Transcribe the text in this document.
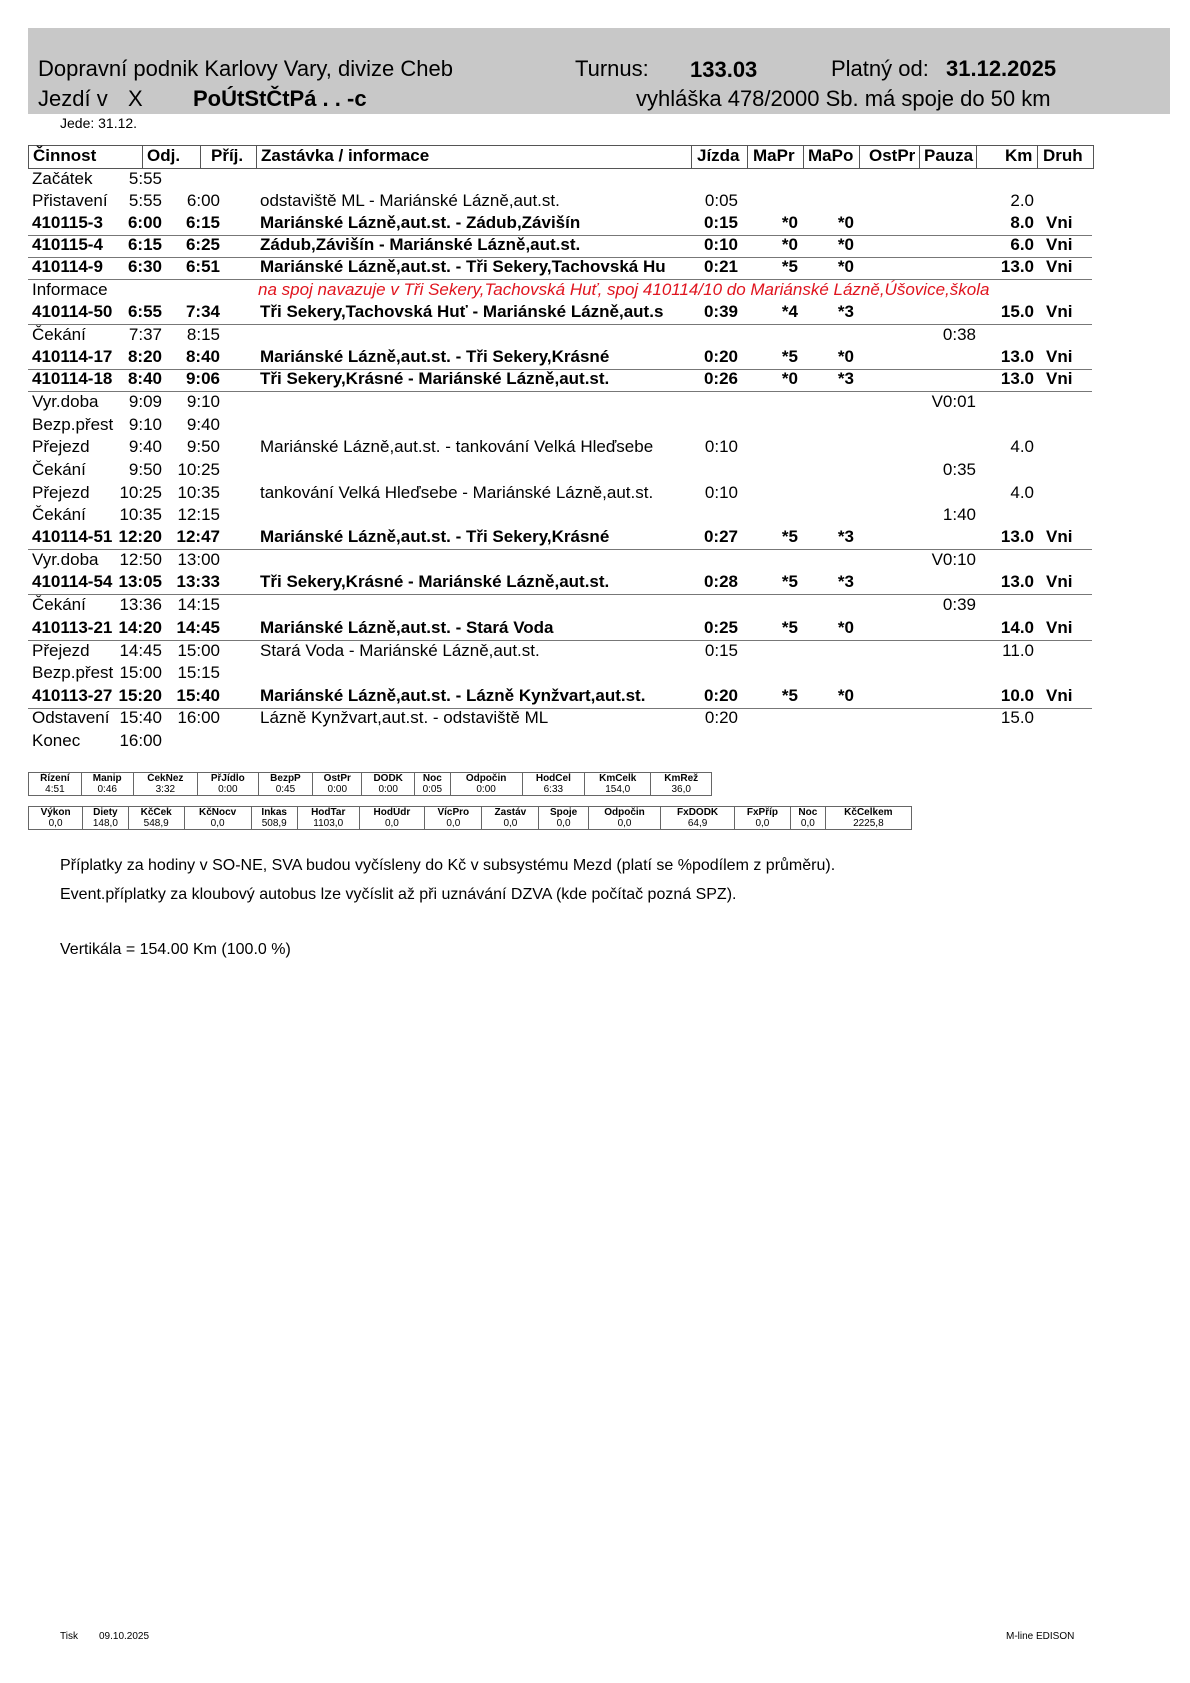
Dopravní podnik Karlovy Vary, divize Cheb	Turnus: 133.03	Platný od: 31.12.2025
Jezdí v X PoÚtStČtPá . . -c	vyhláška 478/2000 Sb. má spoje do 50 km
Jede: 31.12.
Činnost	Odj. Příj. Zastávka / informace	Jízda MaPr MaPo OstPr Pauza Km Druh
Začátek 5:55
Přistavení 5:55 6:00 odstaviště ML - Mariánské Lázně,aut.st.	0:05	2.0
410115-3 6:00 6:15 Mariánské Lázně,aut.st. - Zádub,Závišín	0:15	*0 *0	8.0 Vni
410115-4 6:15 6:25 Zádub,Závišín - Mariánské Lázně,aut.st.	0:10	*0 *0	6.0 Vni
410114-9 6:30 6:51 Mariánské Lázně,aut.st. - Tři Sekery,Tachovská Hu 0:21	*5 *0	13.0 Vni
Informace	na spoj navazuje v Tři Sekery,Tachovská Huť, spoj 410114/10 do Mariánské Lázně,Úšovice,škola
410114-50 6:55 7:34 Tři Sekery,Tachovská Huť - Mariánské Lázně,aut.s 0:39	*4 *3	15.0 Vni
Čekání	7:37 8:15	0:38
410114-17 8:20 8:40 Mariánské Lázně,aut.st. - Tři Sekery,Krásné	0:20	*5 *0	13.0 Vni
410114-18 8:40 9:06 Tři Sekery,Krásné - Mariánské Lázně,aut.st.	0:26	*0 *3	13.0 Vni
Vyr.doba 9:09 9:10	V0:01
Bezp.přest 9:10 9:40
Přejezd 9:40 9:50 Mariánské Lázně,aut.st. - tankování Velká Hleďsebe	0:10	4.0
Čekání	9:50 10:25	0:35
Přejezd 10:25 10:35 tankování Velká Hleďsebe - Mariánské Lázně,aut.st.	0:10	4.0
Čekání 10:35 12:15	1:40
410114-51 12:20 12:47 Mariánské Lázně,aut.st. - Tři Sekery,Krásné	0:27	*5 *3	13.0 Vni
Vyr.doba 12:50 13:00	V0:10
410114-54 13:05 13:33 Tři Sekery,Krásné - Mariánské Lázně,aut.st.	0:28	*5 *3	13.0 Vni
Čekání 13:36 14:15	0:39
410113-21 14:20 14:45 Mariánské Lázně,aut.st. - Stará Voda	0:25	*5 *0	14.0 Vni
Přejezd 14:45 15:00 Stará Voda - Mariánské Lázně,aut.st.	0:15	11.0
Bezp.přest 15:00 15:15
410113-27 15:20 15:40 Mariánské Lázně,aut.st. - Lázně Kynžvart,aut.st.	0:20	*5 *0	10.0 Vni
Odstavení 15:40 16:00 Lázně Kynžvart,aut.st. - odstaviště ML	0:20	15.0
Konec 16:00
Řízení	Manip	ČekNez	PřJídlo	BezpP	OstPr	DODK	Noc	Odpočin	HodCel	KmCelk	KmRež
4:51	0:46	3:32	0:00	0:45	0:00	0:00	0:05	0:00	6:33	154,0	36,0
Výkon	Diety	KčČek	KčNocv	Inkas	HodTar	HodÚdr	VícPro	Zastáv	Spoje	Odpočin	FxDODK	FxPříp	Noc	KčCelkem
0,0	148,0	548,9	0,0	508,9	1103,0	0,0	0,0	0,0	0,0	0,0	64,9	0,0	0,0	2225,8
Příplatky za hodiny v SO-NE, SVA budou vyčísleny do Kč v subsystému Mezd (platí se %podílem z průměru).
Event.příplatky za kloubový autobus lze vyčíslit až při uznávání DZVA (kde počítač pozná SPZ).
Vertikála = 154.00 Km (100.0 %)
Tisk 09.10.2025	M-line EDISON
